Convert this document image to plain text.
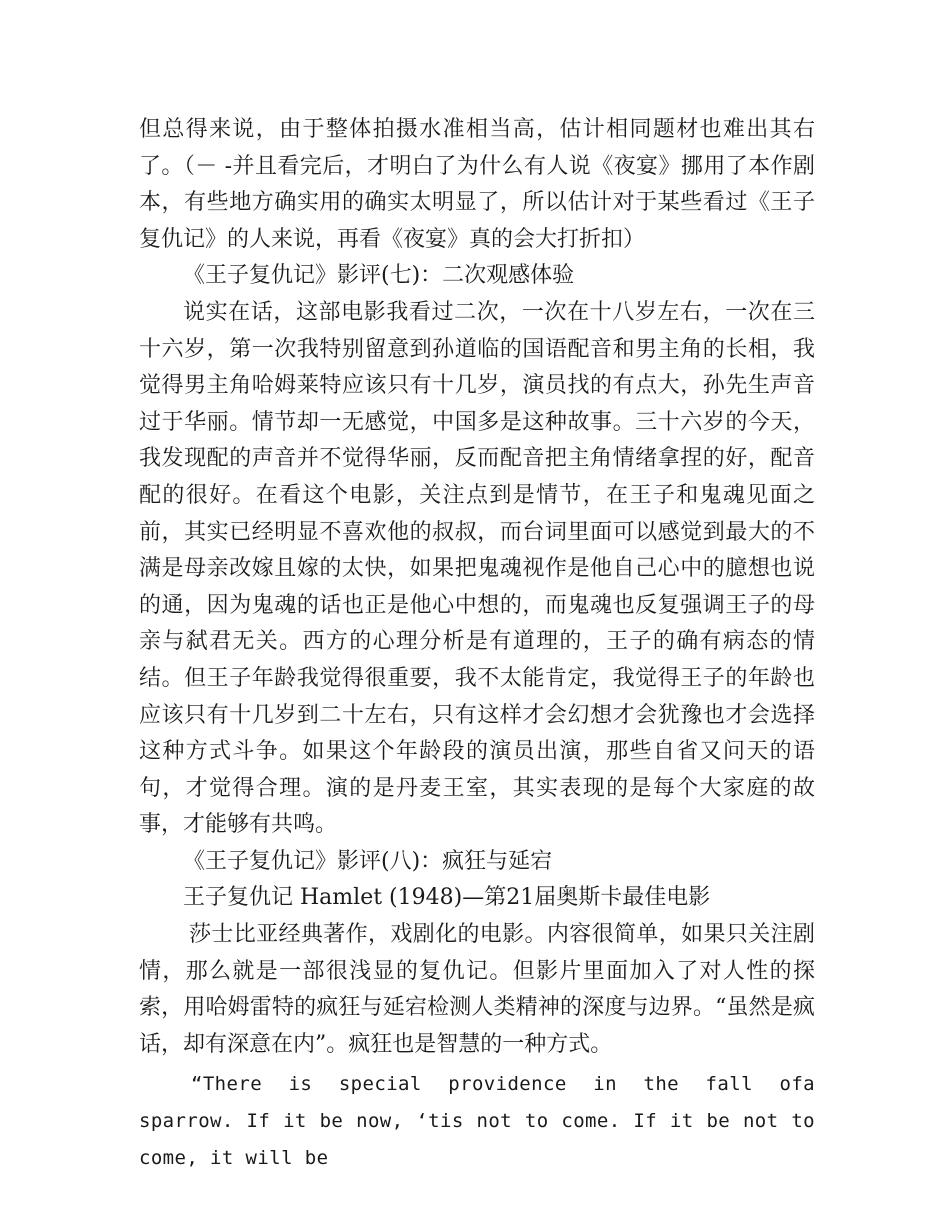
但总得来说，由于整体拍摄水准相当高，估计相同题材也难出其右了。（－ -并且看完后，才明白了为什么有人说《夜宴》挪用了本作剧本，有些地方确实用的确实太明显了，所以估计对于某些看过《王子复仇记》的人来说，再看《夜宴》真的会大打折扣）

《王子复仇记》影评(七)：二次观感体验

说实在话，这部电影我看过二次，一次在十八岁左右，一次在三十六岁，第一次我特别留意到孙道临的国语配音和男主角的长相，我觉得男主角哈姆莱特应该只有十几岁，演员找的有点大，孙先生声音过于华丽。情节却一无感觉，中国多是这种故事。三十六岁的今天，我发现配的声音并不觉得华丽，反而配音把主角情绪拿捏的好，配音配的很好。在看这个电影，关注点到是情节，在王子和鬼魂见面之前，其实已经明显不喜欢他的叔叔，而台词里面可以感觉到最大的不满是母亲改嫁且嫁的太快，如果把鬼魂视作是他自己心中的臆想也说的通，因为鬼魂的话也正是他心中想的，而鬼魂也反复强调王子的母亲与弑君无关。西方的心理分析是有道理的，王子的确有病态的情结。但王子年龄我觉得很重要，我不太能肯定，我觉得王子的年龄也应该只有十几岁到二十左右，只有这样才会幻想才会犹豫也才会选择这种方式斗争。如果这个年龄段的演员出演，那些自省又问天的语句，才觉得合理。演的是丹麦王室，其实表现的是每个大家庭的故事，才能够有共鸣。

《王子复仇记》影评(八)：疯狂与延宕

王子复仇记 Hamlet (1948)—第21届奥斯卡最佳电影

莎士比亚经典著作，戏剧化的电影。内容很简单，如果只关注剧情，那么就是一部很浅显的复仇记。但影片里面加入了对人性的探索，用哈姆雷特的疯狂与延宕检测人类精神的深度与边界。“虽然是疯话，却有深意在内”。疯狂也是智慧的一种方式。

“There is special providence in the fall ofa sparrow. If it be now, ‘tis not to come. If it be not to come, it will be
